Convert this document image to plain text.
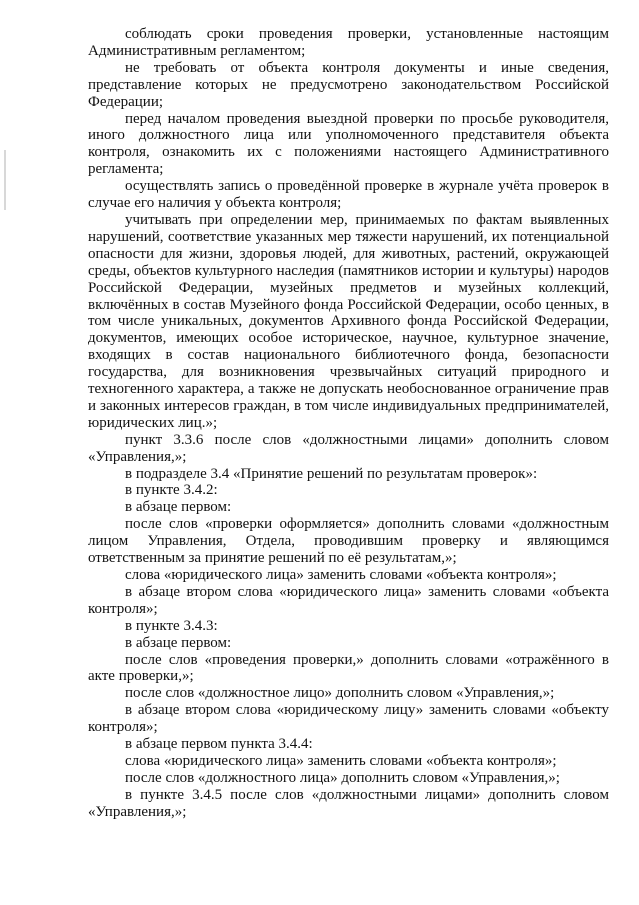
соблюдать сроки проведения проверки, установленные настоящим Административным регламентом;

не требовать от объекта контроля документы и иные сведения, представление которых не предусмотрено законодательством Российской Федерации;

перед началом проведения выездной проверки по просьбе руководителя, иного должностного лица или уполномоченного представителя объекта контроля, ознакомить их с положениями настоящего Административного регламента;

осуществлять запись о проведённой проверке в журнале учёта проверок в случае его наличия у объекта контроля;

учитывать при определении мер, принимаемых по фактам выявленных нарушений, соответствие указанных мер тяжести нарушений, их потенциальной опасности для жизни, здоровья людей, для животных, растений, окружающей среды, объектов культурного наследия (памятников истории и культуры) народов Российской Федерации, музейных предметов и музейных коллекций, включённых в состав Музейного фонда Российской Федерации, особо ценных, в том числе уникальных, документов Архивного фонда Российской Федерации, документов, имеющих особое историческое, научное, культурное значение, входящих в состав национального библиотечного фонда, безопасности государства, для возникновения чрезвычайных ситуаций природного и техногенного характера, а также не допускать необоснованное ограничение прав и законных интересов граждан, в том числе индивидуальных предпринимателей, юридических лиц.»;

пункт 3.3.6 после слов «должностными лицами» дополнить словом «Управления,»;

в подразделе 3.4 «Принятие решений по результатам проверок»:

в пункте 3.4.2:

в абзаце первом:

после слов «проверки оформляется» дополнить словами «должностным лицом Управления, Отдела, проводившим проверку и являющимся ответственным за принятие решений по её результатам,»;

слова «юридического лица» заменить словами «объекта контроля»;

в абзаце втором слова «юридического лица» заменить словами «объекта контроля»;

в пункте 3.4.3:

в абзаце первом:

после слов «проведения проверки,» дополнить словами «отражённого в акте проверки,»;

после слов «должностное лицо» дополнить словом «Управления,»;

в абзаце втором слова «юридическому лицу» заменить словами «объекту контроля»;

в абзаце первом пункта 3.4.4:

слова «юридического лица» заменить словами «объекта контроля»;

после слов «должностного лица» дополнить словом «Управления,»;

в пункте 3.4.5 после слов «должностными лицами» дополнить словом «Управления,»;
